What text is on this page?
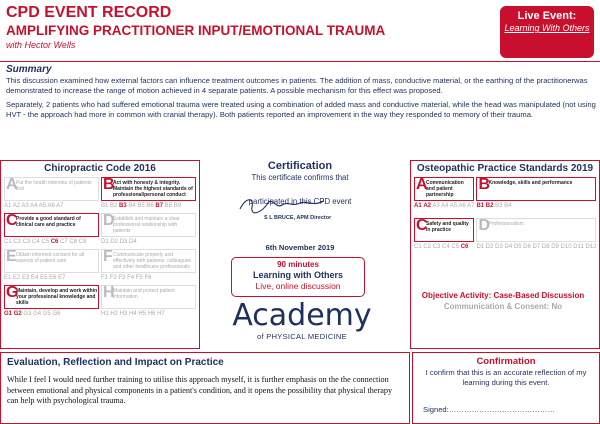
CPD EVENT RECORD
AMPLIFYING PRACTITIONER INPUT/EMOTIONAL TRAUMA
with Hector Wells
Live Event:
Learning With Others
Summary

This discussion examined how external factors can influence treatment outcomes in patients. The addition of mass, conductive material, or the earthing of the practitionerwas demonstrated to increase the range of motion achieved in 4 separate patients. A possible mechanism for this effect was proposed.

Separately, 2 patients who had suffered emotional trauma were treated using a combination of added mass and conductive material, while the head was manipulated (not using HVT - the approach had more in common with cranial therapy). Both patients reported an improvement in the way they responded to memory of their trauma.

Chiropractic Code 2016
A
Put the health interests of patients first
A1 A2 A3 A4 A5 A6 A7
B
Act with honesty & integrity. Maintain the highest standards of professional/personal conduct
B1 B2 B3 B4 B5 B6 B7 B8 B9
C
Provide a good standard of clinical care and practice
C1 C2 C3 C4 C5 C6 C7 C8 C9
D
Establish and maintain a clear professional relationship with patients
D1 D2 D3 D4
E Obtain informed consent for all aspects of patient care
E1 E2 E3 E4 E5 E6 E7
F Communicate properly and effectively with patients, colleagues and other healthcare professionals
F1 F2 F3 F4 F5 F6
G
Maintain, develop and work within your professional knowledge and skills
G1 G2 G3 G4 G5 G6
H
Maintain and protect patient information
H1 H2 H3 H4 H5 H6 H7
Certification
This certificate confirms that
participated in this CPD event
S L BRUCE, APM Director
6th November 2019
90 minutes
Learning with Others
Live, online discussion
Academy
of PHYSICAL MEDICINE
Osteopathic Practice Standards 2019
A
Communication and patient partnership
A1 A2 A3 A4 A5 A6 A7
B
Knowledge, skills and performance
B1 B2 B3 B4
C
Safety and quality in practice
C1 C2 C3 C4 C5 C6
D
Professionalism
D1 D2 D3 D4 D5 D6 D7 D8 D9 D10 D11 D12
Objective Activity: Case-Based Discussion
Communication & Consent: No
Evaluation, Reflection and Impact on Practice
While I feel I would need further training to utilise this approach myself, it is further emphasis on the the connection between emotional and physical components in a patient's condition, and it opens the possibility that physical therapy can help with psychological trauma.
Confirmation
I confirm that this is an accurate reflection of my learning during this event.
Signed:……………………………………
